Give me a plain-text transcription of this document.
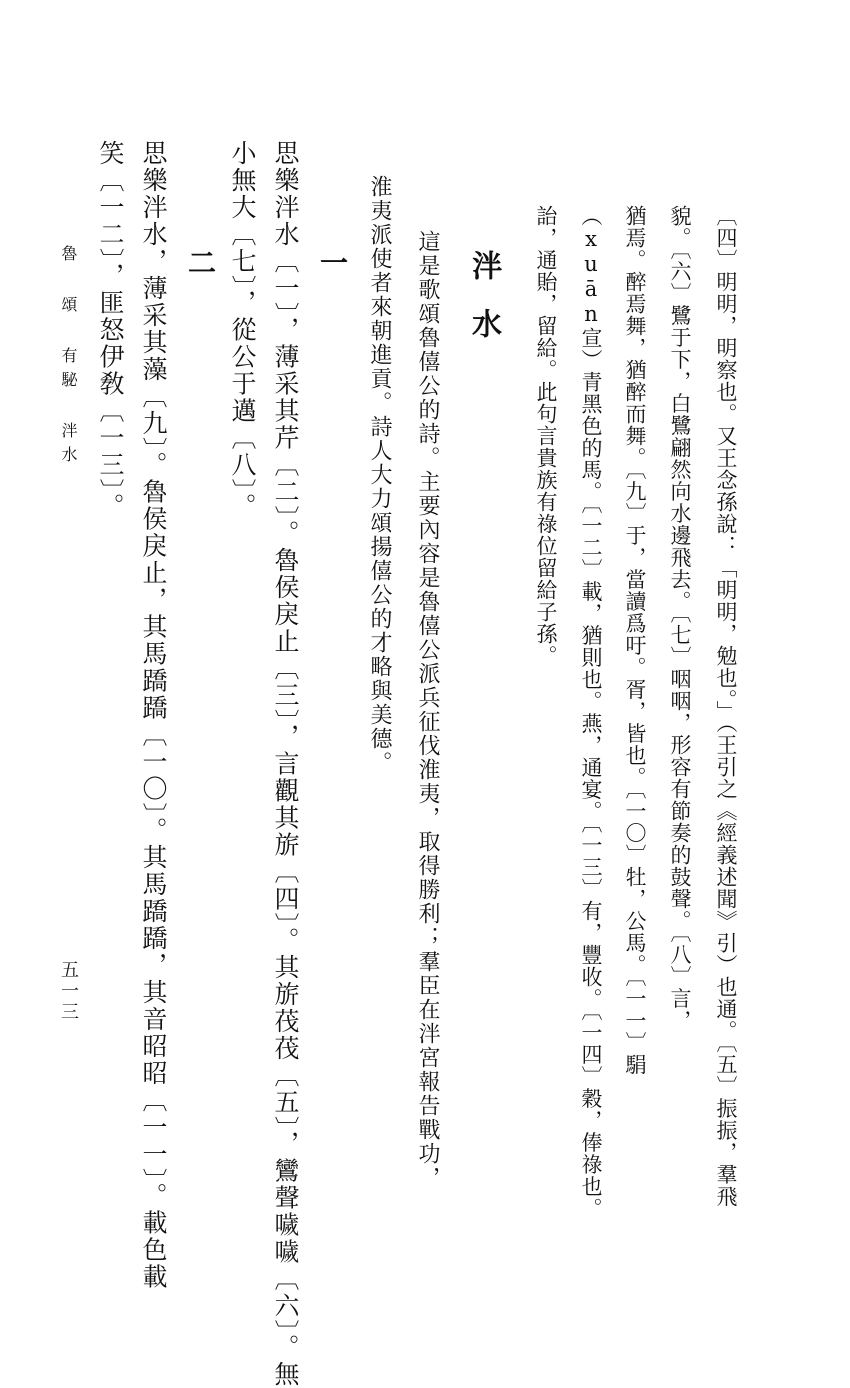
〔四〕明明，明察也。又王念孫說：「明明，勉也。」（王引之《經義述聞》引）也通。〔五〕振振，羣飛
貌。〔六〕鷺于下，白鷺翩然向水邊飛去。〔七〕咽咽，形容有節奏的鼓聲。〔八〕言，
猶焉。醉焉舞，猶醉而舞。〔九〕于，當讀爲吁。胥，皆也。〔一〇〕牡，公馬。〔一一〕駽
（xuān宣）青黑色的馬。〔一二〕載，猶則也。燕，通宴。〔一三〕有，豐收。〔一四〕穀，俸祿也。
詒，通貽，留給。此句言貴族有祿位留給子孫。
泮水
這是歌頌魯僖公的詩。主要內容是魯僖公派兵征伐淮夷，取得勝利；羣臣在泮宮報告戰功，
淮夷派使者來朝進貢。詩人大力頌揚僖公的才略與美德。
一
思樂泮水〔一〕，薄采其芹〔二〕。魯侯戾止〔三〕，言觀其旂〔四〕。其旂茷茷〔五〕，鸞聲噦噦〔六〕。無
小無大〔七〕，從公于邁〔八〕。
二
思樂泮水，薄采其藻〔九〕。魯侯戾止，其馬蹻蹻〔一〇〕。其馬蹻蹻，其音昭昭〔一一〕。載色載
笑〔一二〕，匪怒伊敎〔一三〕。
魯 頌 有駜 泮水
五一三
